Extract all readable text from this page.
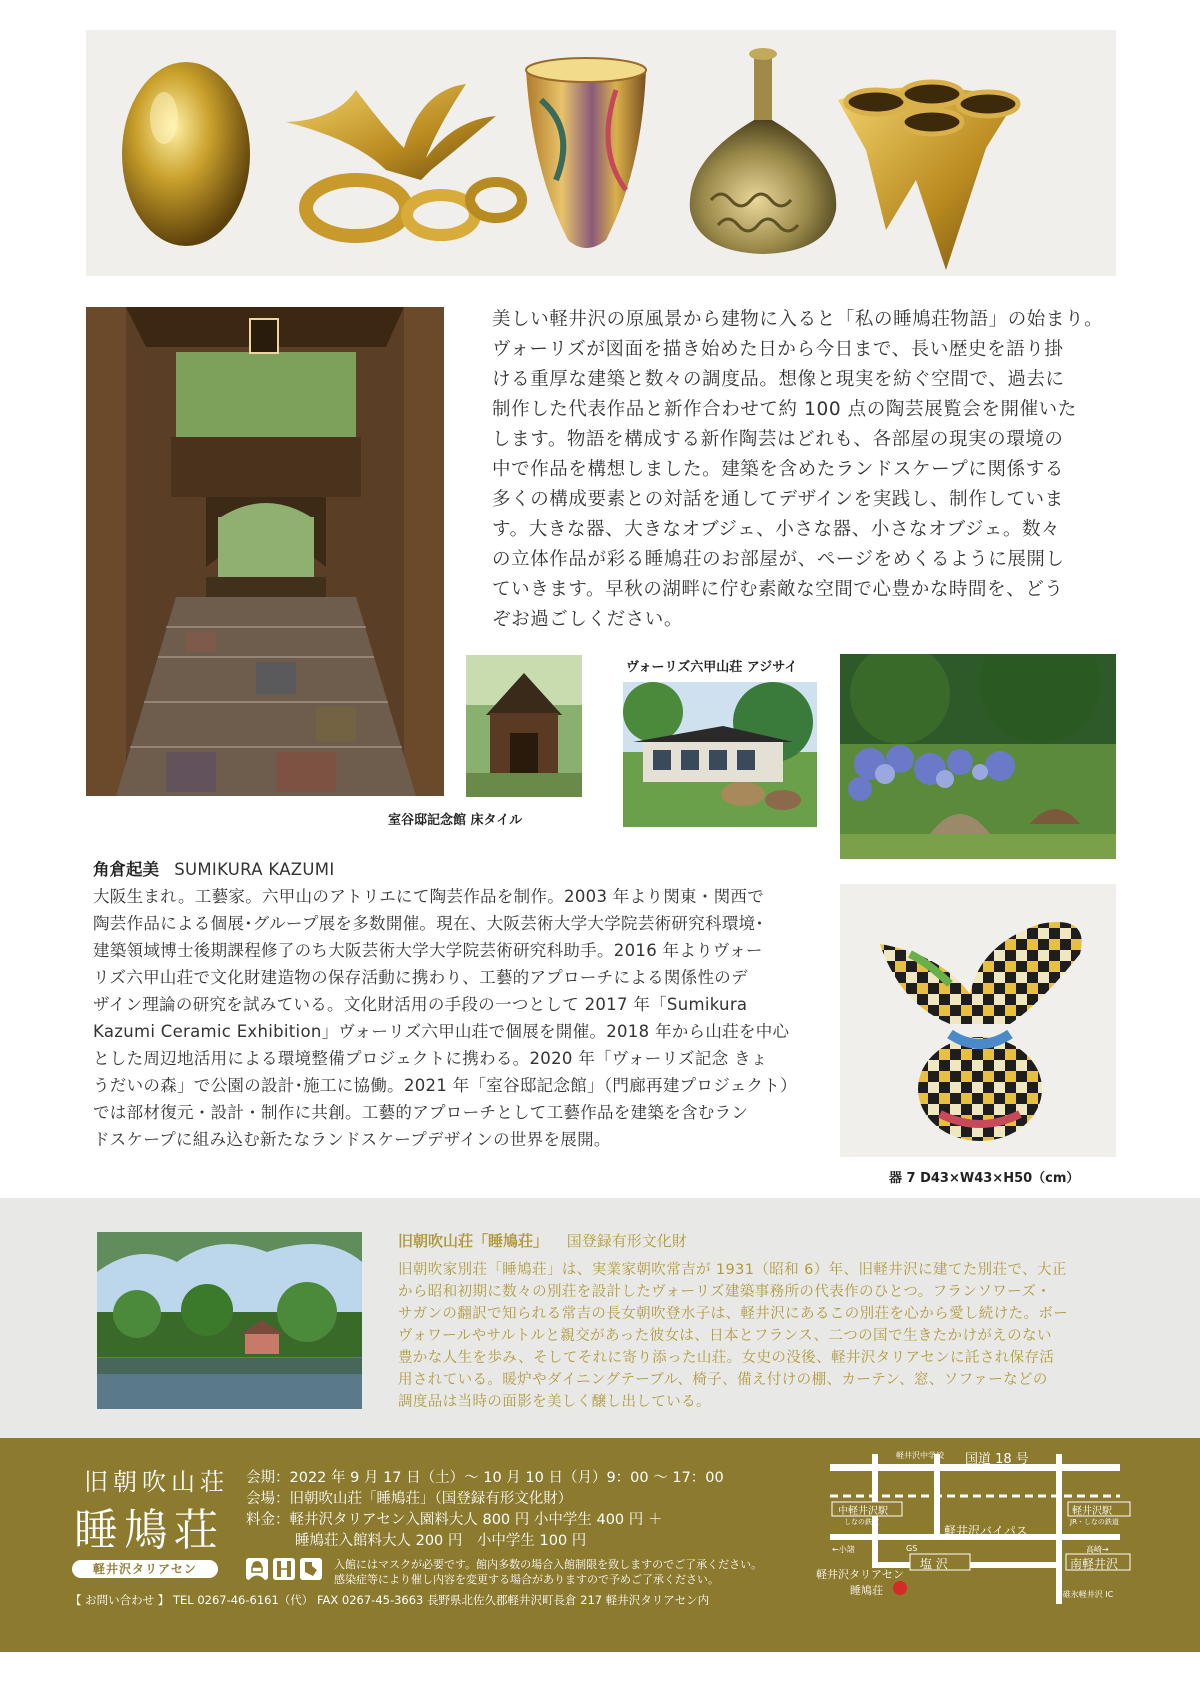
美しい軽井沢の原風景から建物に入ると「私の睡鳩荘物語」の始まり。
ヴォーリズが図面を描き始めた日から今日まで、長い歴史を語り掛
ける重厚な建築と数々の調度品。想像と現実を紡ぐ空間で、過去に
制作した代表作品と新作合わせて約 100 点の陶芸展覧会を開催いた
します。物語を構成する新作陶芸はどれも、各部屋の現実の環境の
中で作品を構想しました。建築を含めたランドスケープに関係する
多くの構成要素との対話を通してデザインを実践し、制作していま
す。大きな器、大きなオブジェ、小さな器、小さなオブジェ。数々
の立体作品が彩る睡鳩荘のお部屋が、ページをめくるように展開し
ていきます。早秋の湖畔に佇む素敵な空間で心豊かな時間を、どう
ぞお過ごしください。
ヴォーリズ六甲山荘 アジサイ
室谷邸記念館 床タイル
角倉起美 SUMIKURA KAZUMI
大阪生まれ。工藝家。六甲山のアトリエにて陶芸作品を制作。2003 年より関東・関西で
陶芸作品による個展･グループ展を多数開催。現在、大阪芸術大学大学院芸術研究科環境･
建築領域博士後期課程修了のち大阪芸術大学大学院芸術研究科助手。2016 年よりヴォー
リズ六甲山荘で文化財建造物の保存活動に携わり、工藝的アプローチによる関係性のデ
ザイン理論の研究を試みている。文化財活用の手段の一つとして 2017 年「Sumikura
Kazumi Ceramic Exhibition」ヴォーリズ六甲山荘で個展を開催。2018 年から山荘を中心
とした周辺地活用による環境整備プロジェクトに携わる。2020 年「ヴォーリズ記念 きょ
うだいの森」で公園の設計･施工に協働。2021 年「室谷邸記念館」（門廊再建プロジェクト）
では部材復元・設計・制作に共創。工藝的アプローチとして工藝作品を建築を含むラン
ドスケープに組み込む新たなランドスケープデザインの世界を展開。
器 7 D43×W43×H50（cm）
旧朝吹山荘「睡鳩荘」 国登録有形文化財
旧朝吹家別荘「睡鳩荘」は、実業家朝吹常吉が 1931（昭和 6）年、旧軽井沢に建てた別荘で、大正
から昭和初期に数々の別荘を設計したヴォーリズ建築事務所の代表作のひとつ。フランソワーズ・
サガンの翻訳で知られる常吉の長女朝吹登水子は、軽井沢にあるこの別荘を心から愛し続けた。ボー
ヴォワールやサルトルと親交があった彼女は、日本とフランス、二つの国で生きたかけがえのない
豊かな人生を歩み、そしてそれに寄り添った山荘。女史の没後、軽井沢タリアセンに託され保存活
用されている。暖炉やダイニングテーブル、椅子、備え付けの棚、カーテン、窓、ソファーなどの
調度品は当時の面影を美しく醸し出している。
旧朝吹山荘
睡鳩荘
軽井沢タリアセン
会期：2022 年 9 月 17 日（土）～ 10 月 10 日（月）9：00 ～ 17：00
会場：旧朝吹山荘「睡鳩荘」（国登録有形文化財）
料金：軽井沢タリアセン入園料大人 800 円 小中学生 400 円 ＋
睡鳩荘入館料大人 200 円　小中学生 100 円
入館にはマスクが必要です。館内多数の場合入館制限を致しますのでご了承ください。
感染症等により催し内容を変更する場合がありますので予めご了承ください。
【 お問い合わせ 】 TEL 0267-46-6161（代） FAX 0267-45-3663 長野県北佐久郡軽井沢町長倉 217 軽井沢タリアセン内
軽井沢中学校 国道 18 号
中軽井沢駅
しなの鉄道
軽井沢駅
JR・しなの鉄道
←小諸	GS
軽井沢バイパス
高崎→
軽井沢タリアセン
睡鳩荘
塩 沢	南軽井沢
↓碓氷軽井沢 IC
